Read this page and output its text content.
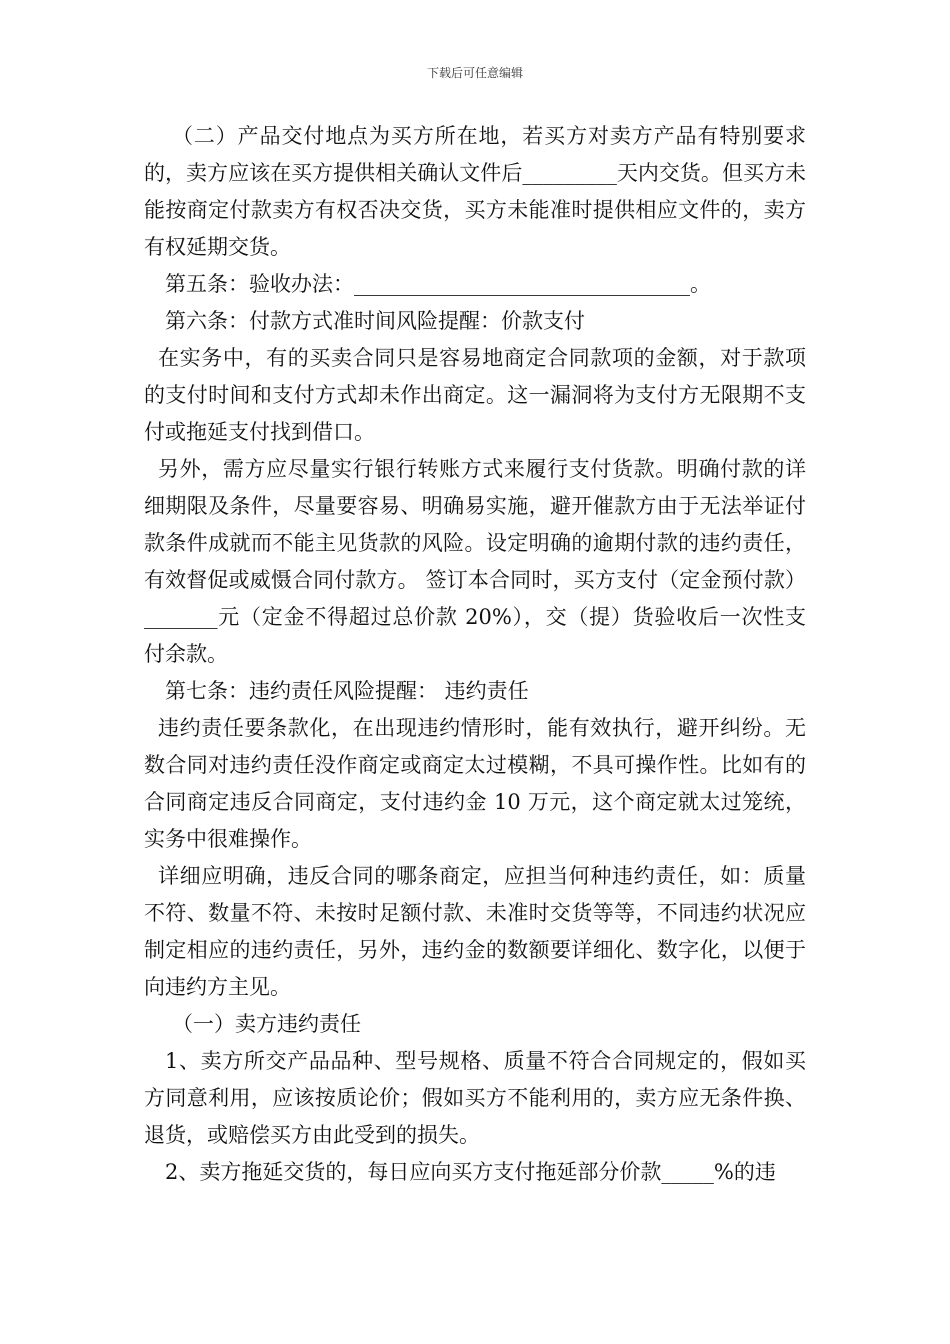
下载后可任意编辑

（二）产品交付地点为买方所在地，若买方对卖方产品有特别要求的，卖方应该在买方提供相关确认文件后_________天内交货。但买方未能按商定付款卖方有权否决交货，买方未能准时提供相应文件的，卖方有权延期交货。

第五条：验收办法：________________________________。

第六条：付款方式准时间风险提醒：价款支付

在实务中，有的买卖合同只是容易地商定合同款项的金额，对于款项的支付时间和支付方式却未作出商定。这一漏洞将为支付方无限期不支付或拖延支付找到借口。

另外，需方应尽量实行银行转账方式来履行支付货款。明确付款的详细期限及条件，尽量要容易、明确易实施，避开催款方由于无法举证付款条件成就而不能主见货款的风险。设定明确的逾期付款的违约责任，有效督促或威慑合同付款方。 签订本合同时，买方支付（定金预付款）_______元（定金不得超过总价款 20%），交（提）货验收后一次性支付余款。

第七条：违约责任风险提醒： 违约责任

违约责任要条款化，在出现违约情形时，能有效执行，避开纠纷。无数合同对违约责任没作商定或商定太过模糊，不具可操作性。比如有的合同商定违反合同商定，支付违约金 10 万元，这个商定就太过笼统，实务中很难操作。

详细应明确，违反合同的哪条商定，应担当何种违约责任，如：质量不符、数量不符、未按时足额付款、未准时交货等等，不同违约状况应制定相应的违约责任，另外，违约金的数额要详细化、数字化，以便于向违约方主见。

（一）卖方违约责任

1、卖方所交产品品种、型号规格、质量不符合合同规定的，假如买方同意利用，应该按质论价；假如买方不能利用的，卖方应无条件换、退货，或赔偿买方由此受到的损失。

2、卖方拖延交货的，每日应向买方支付拖延部分价款_____%的违
